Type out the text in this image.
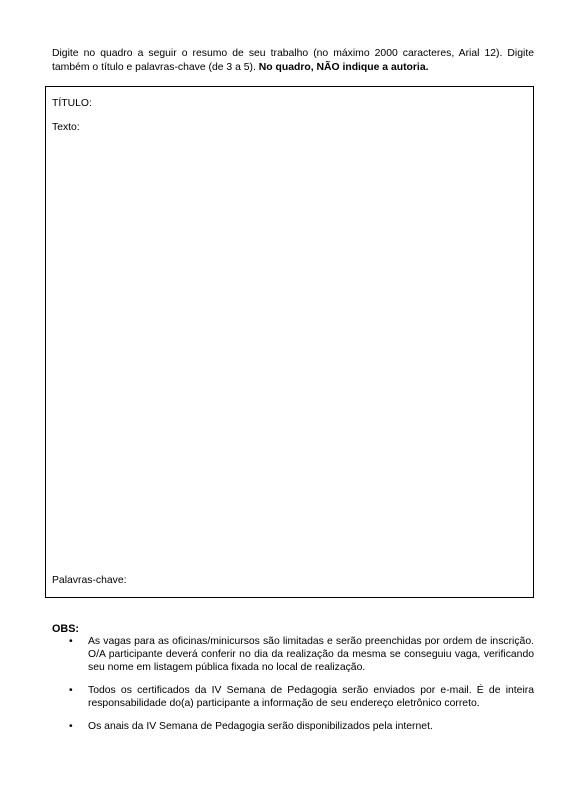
Digite no quadro a seguir o resumo de seu trabalho (no máximo 2000 caracteres, Arial 12). Digite também o título e palavras-chave (de 3 a 5). No quadro, NÃO indique a autoria.

TÍTULO:

Texto:

Palavras-chave:

OBS:

• As vagas para as oficinas/minicursos são limitadas e serão preenchidas por ordem de inscrição. O/A participante deverá conferir no dia da realização da mesma se conseguiu vaga, verificando seu nome em listagem pública fixada no local de realização.
• Todos os certificados da IV Semana de Pedagogia serão enviados por e-mail. É de inteira responsabilidade do(a) participante a informação de seu endereço eletrônico correto.
• Os anais da IV Semana de Pedagogia serão disponibilizados pela internet.
